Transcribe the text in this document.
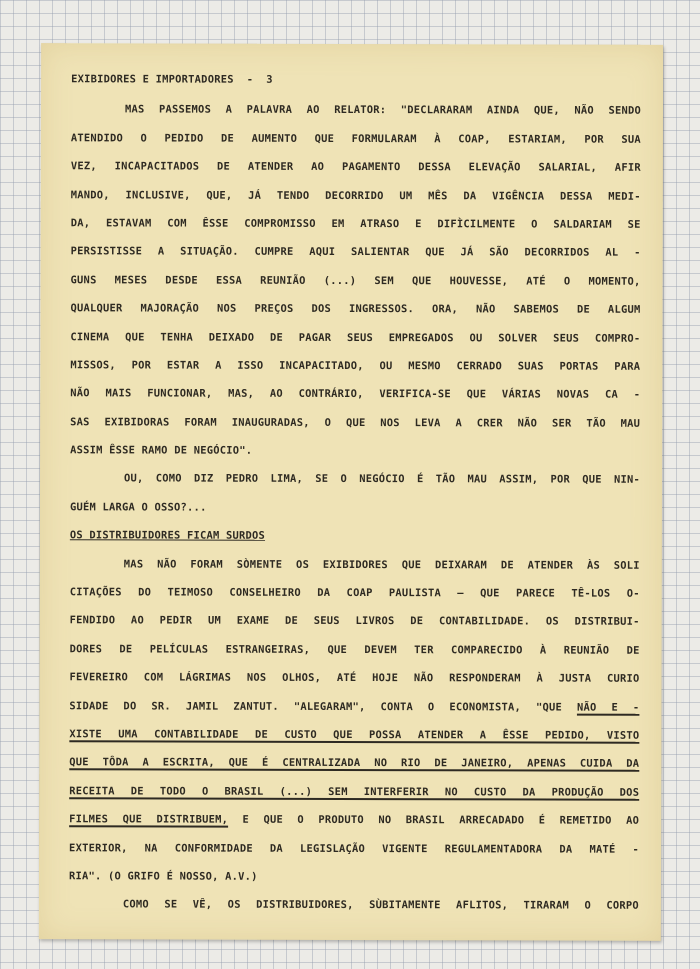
EXIBIDORES E IMPORTADORES  -  3
MAS PASSEMOS A PALAVRA AO RELATOR: "DECLARARAM AINDA QUE, NÃO SENDO
ATENDIDO O PEDIDO DE AUMENTO QUE FORMULARAM À COAP, ESTARIAM, POR SUA
VEZ, INCAPACITADOS DE ATENDER AO PAGAMENTO DESSA ELEVAÇÃO SALARIAL, AFIR
MANDO, INCLUSIVE, QUE, JÁ TENDO DECORRIDO UM MÊS DA VIGÊNCIA DESSA MEDI-
DA, ESTAVAM COM ÊSSE COMPROMISSO EM ATRASO E DIFÌCILMENTE O SALDARIAM SE
PERSISTISSE A SITUAÇÃO. CUMPRE AQUI SALIENTAR QUE JÁ SÃO DECORRIDOS AL -
GUNS MESES DESDE ESSA REUNIÃO (...) SEM QUE HOUVESSE, ATÉ O MOMENTO,
QUALQUER MAJORAÇÃO NOS PREÇOS DOS INGRESSOS. ORA, NÃO SABEMOS DE ALGUM
CINEMA QUE TENHA DEIXADO DE PAGAR SEUS EMPREGADOS OU SOLVER SEUS COMPRO-
MISSOS, POR ESTAR A ISSO INCAPACITADO, OU MESMO CERRADO SUAS PORTAS PARA
NÃO MAIS FUNCIONAR, MAS, AO CONTRÁRIO, VERIFICA-SE QUE VÁRIAS NOVAS CA -
SAS EXIBIDORAS FORAM INAUGURADAS, O QUE NOS LEVA A CRER NÃO SER TÃO MAU
ASSIM ÊSSE RAMO DE NEGÓCIO".
OU, COMO DIZ PEDRO LIMA, SE O NEGÓCIO É TÃO MAU ASSIM, POR QUE NIN-
GUÉM LARGA O OSSO?...
OS DISTRIBUIDORES FICAM SURDOS
MAS NÃO FORAM SÒMENTE OS EXIBIDORES QUE DEIXARAM DE ATENDER ÀS SOLI
CITAÇÕES DO TEIMOSO CONSELHEIRO DA COAP PAULISTA — QUE PARECE TÊ-LOS O-
FENDIDO AO PEDIR UM EXAME DE SEUS LIVROS DE CONTABILIDADE. OS DISTRIBUI-
DORES DE PELÍCULAS ESTRANGEIRAS, QUE DEVEM TER COMPARECIDO À REUNIÃO DE
FEVEREIRO COM LÁGRIMAS NOS OLHOS, ATÉ HOJE NÃO RESPONDERAM À JUSTA CURIO
SIDADE DO SR. JAMIL ZANTUT. "ALEGARAM", CONTA O ECONOMISTA, "QUE NÃO E -
XISTE UMA CONTABILIDADE DE CUSTO QUE POSSA ATENDER A ÊSSE PEDIDO, VISTO
QUE TÔDA A ESCRITA, QUE É CENTRALIZADA NO RIO DE JANEIRO, APENAS CUIDA DA
RECEITA DE TODO O BRASIL (...) SEM INTERFERIR NO CUSTO DA PRODUÇÃO DOS
FILMES QUE DISTRIBUEM, E QUE O PRODUTO NO BRASIL ARRECADADO É REMETIDO AO
EXTERIOR, NA CONFORMIDADE DA LEGISLAÇÃO VIGENTE REGULAMENTADORA DA MATÉ -
RIA". (O GRIFO É NOSSO, A.V.)
COMO SE VÊ, OS DISTRIBUIDORES, SÙBITAMENTE AFLITOS, TIRARAM O CORPO
